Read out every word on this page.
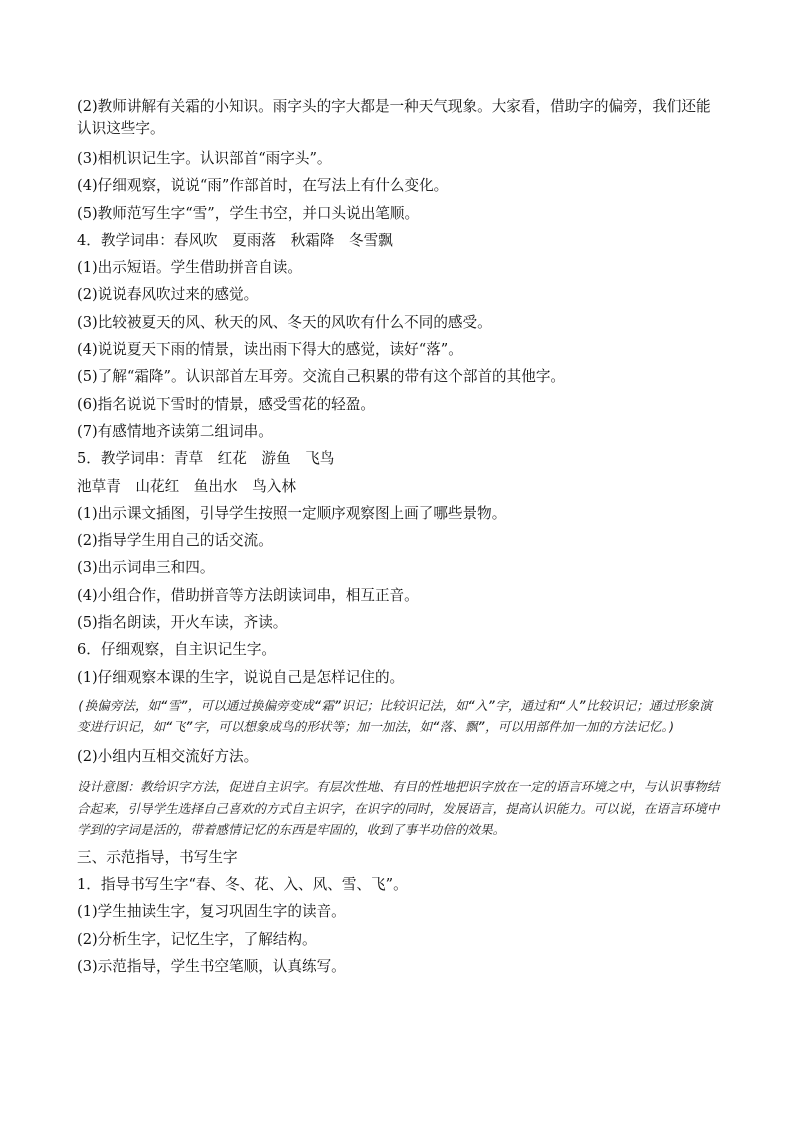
(2)教师讲解有关霜的小知识。雨字头的字大都是一种天气现象。大家看，借助字的偏旁，我们还能认识这些字。
(3)相机识记生字。认识部首“雨字头”。
(4)仔细观察，说说“雨”作部首时，在写法上有什么变化。
(5)教师范写生字“雪”，学生书空，并口头说出笔顺。
4．教学词串：春风吹　夏雨落　秋霜降　冬雪飘
(1)出示短语。学生借助拼音自读。
(2)说说春风吹过来的感觉。
(3)比较被夏天的风、秋天的风、冬天的风吹有什么不同的感受。
(4)说说夏天下雨的情景，读出雨下得大的感觉，读好“落”。
(5)了解“霜降”。认识部首左耳旁。交流自己积累的带有这个部首的其他字。
(6)指名说说下雪时的情景，感受雪花的轻盈。
(7)有感情地齐读第二组词串。
5．教学词串：青草　红花　游鱼　飞鸟
池草青　山花红　鱼出水　鸟入林
(1)出示课文插图，引导学生按照一定顺序观察图上画了哪些景物。
(2)指导学生用自己的话交流。
(3)出示词串三和四。
(4)小组合作，借助拼音等方法朗读词串，相互正音。
(5)指名朗读，开火车读，齐读。
6．仔细观察，自主识记生字。
(1)仔细观察本课的生字，说说自己是怎样记住的。
(换偏旁法，如“雪”，可以通过换偏旁变成“霜”识记；比较识记法，如“入”字，通过和“人”比较识记；通过形象演变进行识记，如“飞”字，可以想象成鸟的形状等；加一加法，如“落、飘”，可以用部件加一加的方法记忆。)
(2)小组内互相交流好方法。
设计意图：教给识字方法，促进自主识字。有层次性地、有目的性地把识字放在一定的语言环境之中，与认识事物结合起来，引导学生选择自己喜欢的方式自主识字，在识字的同时，发展语言，提高认识能力。可以说，在语言环境中学到的字词是活的，带着感情记忆的东西是牢固的，收到了事半功倍的效果。
三、示范指导，书写生字
1．指导书写生字“春、冬、花、入、风、雪、飞”。
(1)学生抽读生字，复习巩固生字的读音。
(2)分析生字，记忆生字，了解结构。
(3)示范指导，学生书空笔顺，认真练写。
